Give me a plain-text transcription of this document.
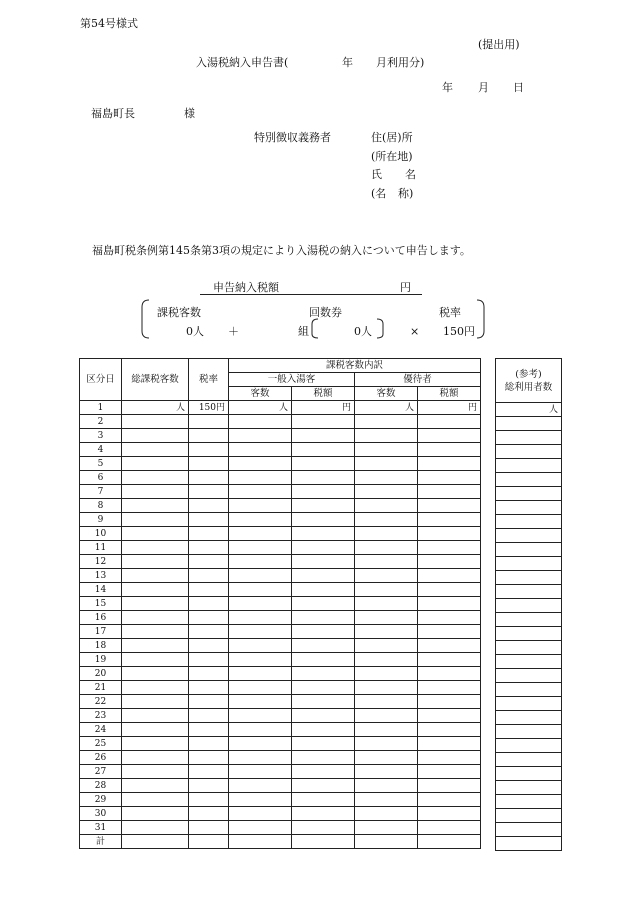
第54号様式
(提出用)
入湯税納入申告書(	年 月利用分)
年 月 日
福島町長	様
特別徴収義務者	住(居)所
(所在地)
氏 名
(名 称)
福島町税条例第145条第3項の規定により入湯税の納入について申告します。
申告納入税額	円
課税客数	回数券	税率
0人 ＋	組	0人	× 150円
区分日	総課税客数	税率	課税客数内訳			
			一般入湯客		優待者	
			客数	税額	客数	税額
1	人	150円	人	円	人	円
2						
3						
4						
5						
6						
7						
8						
9						
10						
11						
12						
13						
14						
15						
16						
17						
18						
19						
20						
21						
22						
23						
24						
25						
26						
27						
28						
29						
30						
31						
計						
(参考)
総利用者数
人
